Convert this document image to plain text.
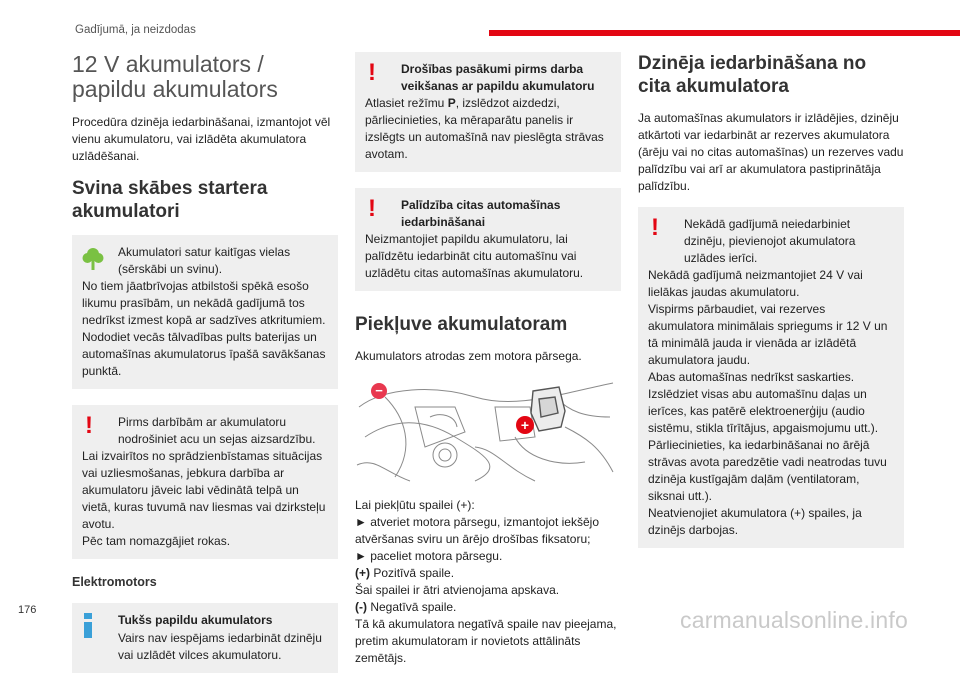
Gadījumā, ja neizdodas
12 V akumulators / papildu akumulators

Procedūra dzinēja iedarbināšanai, izmantojot vēl vienu akumulatoru, vai izlādēta akumulatora uzlādēšanai.

Svina skābes startera akumulatori

Akumulatori satur kaitīgas vielas (sērskābi un svinu).

No tiem jāatbrīvojas atbilstoši spēkā esošo likumu prasībām, un nekādā gadījumā tos nedrīkst izmest kopā ar sadzīves atkritumiem. Nododiet vecās tālvadības pults baterijas un automašīnas akumulatorus īpašā savākšanas punktā.

!	Pirms darbībām ar akumulatoru nodrošiniet acu un sejas aizsardzību.

Lai izvairītos no sprādzienbīstamas situācijas vai uzliesmošanas, jebkura darbība ar akumulatoru jāveic labi vēdinātā telpā un vietā, kuras tuvumā nav liesmas vai dzirksteļu avotu.

Pēc tam nomazgājiet rokas.

Elektromotors

Tukšs papildu akumulators

Vairs nav iespējams iedarbināt dzinēju vai uzlādēt vilces akumulatoru.

!	Drošības pasākumi pirms darba veikšanas ar papildu akumulatoru

Atlasiet režīmu P, izslēdzot aizdedzi, pārliecinieties, ka mēraparātu panelis ir izslēgts un automašīnā nav pieslēgta strāvas avotam.

!	Palīdzība citas automašīnas iedarbināšanai

Neizmantojiet papildu akumulatoru, lai palīdzētu iedarbināt citu automašīnu vai uzlādētu citas automašīnas akumulatoru.

Piekļuve akumulatoram

Akumulators atrodas zem motora pārsega.

−
+

Lai piekļūtu spailei (+):

► atveriet motora pārsegu, izmantojot iekšējo atvēršanas sviru un ārējo drošības fiksatoru;

► paceliet motora pārsegu.

(+) Pozitīvā spaile.

Šai spailei ir ātri atvienojama apskava.

(-) Negatīvā spaile.

Tā kā akumulatora negatīvā spaile nav pieejama, pretim akumulatoram ir novietots attālināts zemētājs.

Dzinēja iedarbināšana no cita akumulatora

Ja automašīnas akumulators ir izlādējies, dzinēju atkārtoti var iedarbināt ar rezerves akumulatora (ārēju vai no citas automašīnas) un rezerves vadu palīdzību vai arī ar akumulatora pastiprinātāja palīdzību.

!	Nekādā gadījumā neiedarbiniet dzinēju, pievienojot akumulatora uzlādes ierīci.

Nekādā gadījumā neizmantojiet 24 V vai lielākas jaudas akumulatoru.

Vispirms pārbaudiet, vai rezerves akumulatora minimālais spriegums ir 12 V un tā minimālā jauda ir vienāda ar izlādētā akumulatora jaudu.

Abas automašīnas nedrīkst saskarties.

Izslēdziet visas abu automašīnu daļas un ierīces, kas patērē elektroenerģiju (audio sistēmu, stikla tīrītājus, apgaismojumu utt.).

Pārliecinieties, ka iedarbināšanai no ārējā strāvas avota paredzētie vadi neatrodas tuvu dzinēja kustīgajām daļām (ventilatoram, siksnai utt.).

Neatvienojiet akumulatora (+) spailes, ja dzinējs darbojas.

176	carmanualsonline.info
